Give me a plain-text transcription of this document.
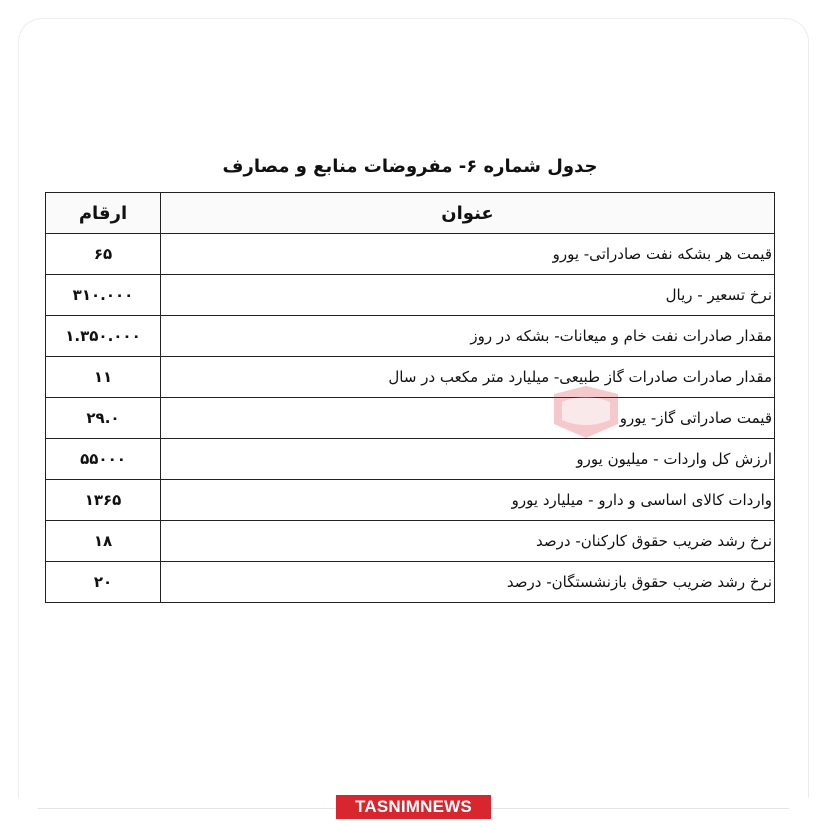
جدول شماره ۶- مفروضات منابع و مصارف
عنوان	ارقام
قیمت هر بشکه نفت صادراتی- یورو	۶۵
نرخ تسعیر - ریال	۳۱۰.۰۰۰
مقدار صادرات نفت خام و میعانات- بشکه در روز	۱.۳۵۰.۰۰۰
مقدار صادرات صادرات گاز طبیعی- میلیارد متر مکعب در سال	۱۱
قیمت صادراتی گاز- یورو	۲۹.۰
ارزش کل واردات - میلیون یورو	۵۵۰۰۰
واردات کالای اساسی و دارو - میلیارد یورو	۱۳۶۵
نرخ رشد ضریب حقوق کارکنان- درصد	۱۸
نرخ رشد ضریب حقوق بازنشستگان- درصد	۲۰
TASNIMNEWS
